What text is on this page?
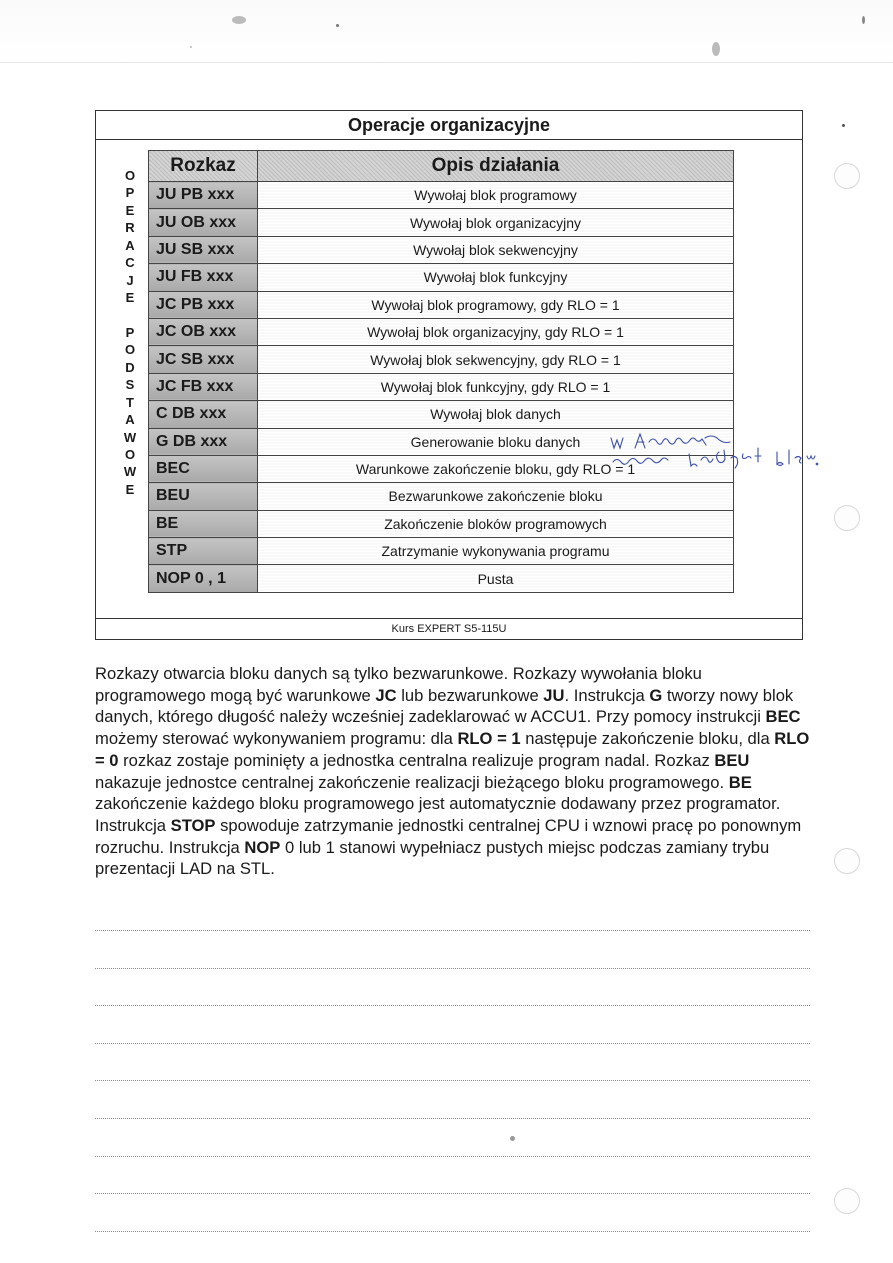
Operacje organizacyjne
O
P
E
R
A
C
J
E
P
O
D
S
T
A
W
O
W
E
Rozkaz	Opis działania
JU PB xxx	Wywołaj blok programowy
JU OB xxx	Wywołaj blok organizacyjny
JU SB xxx	Wywołaj blok sekwencyjny
JU FB xxx	Wywołaj blok funkcyjny
JC PB xxx	Wywołaj blok programowy, gdy RLO = 1
JC OB xxx	Wywołaj blok organizacyjny, gdy RLO = 1
JC SB xxx	Wywołaj blok sekwencyjny, gdy RLO = 1
JC FB xxx	Wywołaj blok funkcyjny, gdy RLO = 1
C DB xxx	Wywołaj blok danych
G DB xxx	Generowanie bloku danych
BEC	Warunkowe zakończenie bloku, gdy RLO = 1
BEU	Bezwarunkowe zakończenie bloku
BE	Zakończenie bloków programowych
STP	Zatrzymanie wykonywania programu
NOP 0 , 1	Pusta
Kurs EXPERT S5-115U
Rozkazy otwarcia bloku danych są tylko bezwarunkowe. Rozkazy wywołania bloku programowego mogą być warunkowe JC lub bezwarunkowe JU. Instrukcja G tworzy nowy blok danych, którego długość należy wcześniej zadeklarować w ACCU1. Przy pomocy instrukcji BEC możemy sterować wykonywaniem programu: dla RLO = 1 następuje zakończenie bloku, dla RLO = 0 rozkaz zostaje pominięty a jednostka centralna realizuje program nadal. Rozkaz BEU nakazuje jednostce centralnej zakończenie realizacji bieżącego bloku programowego. BE zakończenie każdego bloku programowego jest automatycznie dodawany przez programator. Instrukcja STOP spowoduje zatrzymanie jednostki centralnej CPU i wznowi pracę po ponownym rozruchu. Instrukcja NOP 0 lub 1 stanowi wypełniacz pustych miejsc podczas zamiany trybu prezentacji LAD na STL.
